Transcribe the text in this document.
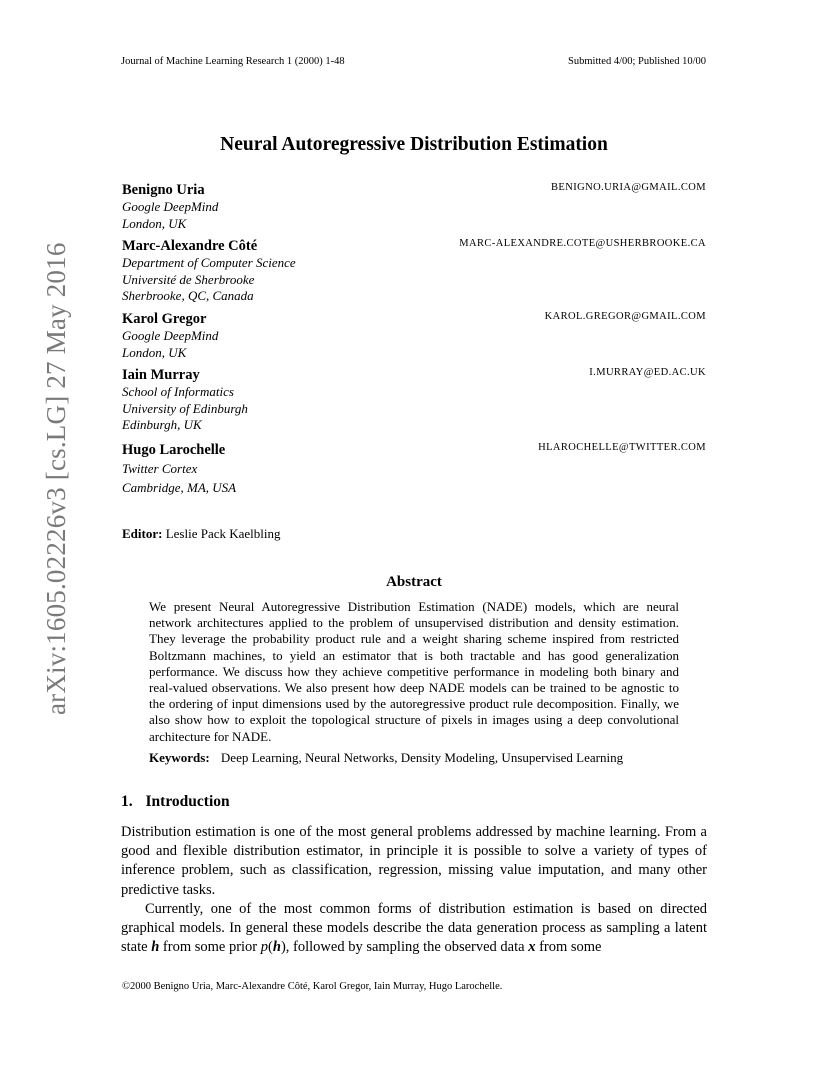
Journal of Machine Learning Research 1 (2000) 1-48	Submitted 4/00; Published 10/00
arXiv:1605.02226v3 [cs.LG] 27 May 2016
Neural Autoregressive Distribution Estimation
Benigno Uria	BENIGNO.URIA@GMAIL.COM
Google DeepMind
London, UK
Marc-Alexandre Côté	MARC-ALEXANDRE.COTE@USHERBROOKE.CA
Department of Computer Science
Université de Sherbrooke
Sherbrooke, QC, Canada
Karol Gregor	KAROL.GREGOR@GMAIL.COM
Google DeepMind
London, UK
Iain Murray	I.MURRAY@ED.AC.UK
School of Informatics
University of Edinburgh
Edinburgh, UK
Hugo Larochelle	HLAROCHELLE@TWITTER.COM
Twitter Cortex
Cambridge, MA, USA
Editor: Leslie Pack Kaelbling
Abstract

We present Neural Autoregressive Distribution Estimation (NADE) models, which are neural network architectures applied to the problem of unsupervised distribution and density estimation. They leverage the probability product rule and a weight sharing scheme inspired from restricted Boltzmann machines, to yield an estimator that is both tractable and has good generalization performance. We discuss how they achieve competitive performance in modeling both binary and real-valued observations. We also present how deep NADE models can be trained to be agnostic to the ordering of input dimensions used by the autoregressive product rule decomposition. Finally, we also show how to exploit the topological structure of pixels in images using a deep convolutional architecture for NADE.

Keywords: Deep Learning, Neural Networks, Density Modeling, Unsupervised Learning
1. Introduction

Distribution estimation is one of the most general problems addressed by machine learning. From a good and flexible distribution estimator, in principle it is possible to solve a variety of types of inference problem, such as classification, regression, missing value imputation, and many other predictive tasks.

Currently, one of the most common forms of distribution estimation is based on directed graphical models. In general these models describe the data generation process as sampling a latent state h from some prior p(h), followed by sampling the observed data x from some

©2000 Benigno Uria, Marc-Alexandre Côté, Karol Gregor, Iain Murray, Hugo Larochelle.
